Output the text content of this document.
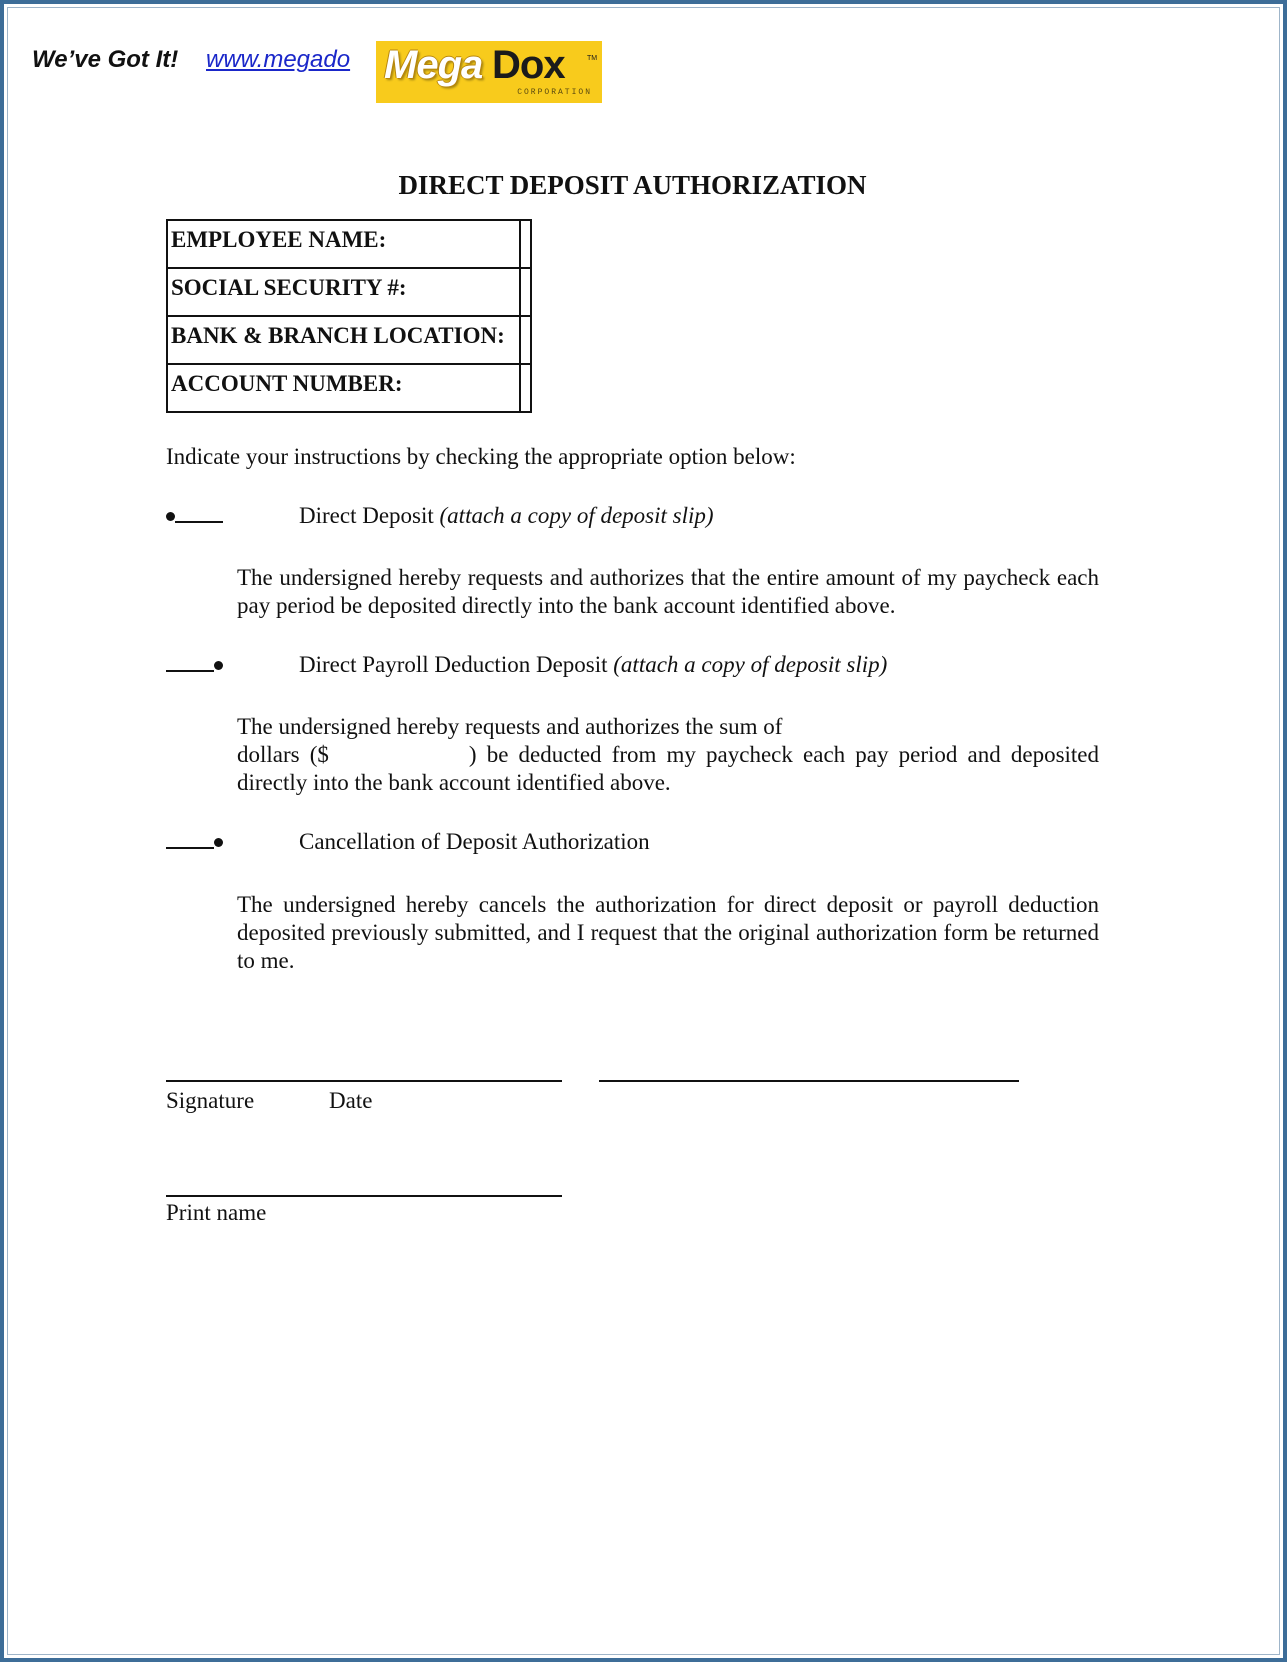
We’ve Got It! www.megado Mega Dox	TM
CORPORATION
DIRECT DEPOSIT AUTHORIZATION
EMPLOYEE NAME:
SOCIAL SECURITY #:
BANK & BRANCH LOCATION:
ACCOUNT NUMBER:
Indicate your instructions by checking the appropriate option below:
Direct Deposit (attach a copy of deposit slip)
The undersigned hereby requests and authorizes that the entire amount of my paycheck each pay period be deposited directly into the bank account identified above.
Direct Payroll Deduction Deposit (attach a copy of deposit slip)
The undersigned hereby requests and authorizes the sum of
dollars ($	) be deducted from my paycheck each pay period and deposited directly into the bank account identified above.
Cancellation of Deposit Authorization
The undersigned hereby cancels the authorization for direct deposit or payroll deduction deposited previously submitted, and I request that the original authorization form be returned to me.
Signature	Date
Print name
